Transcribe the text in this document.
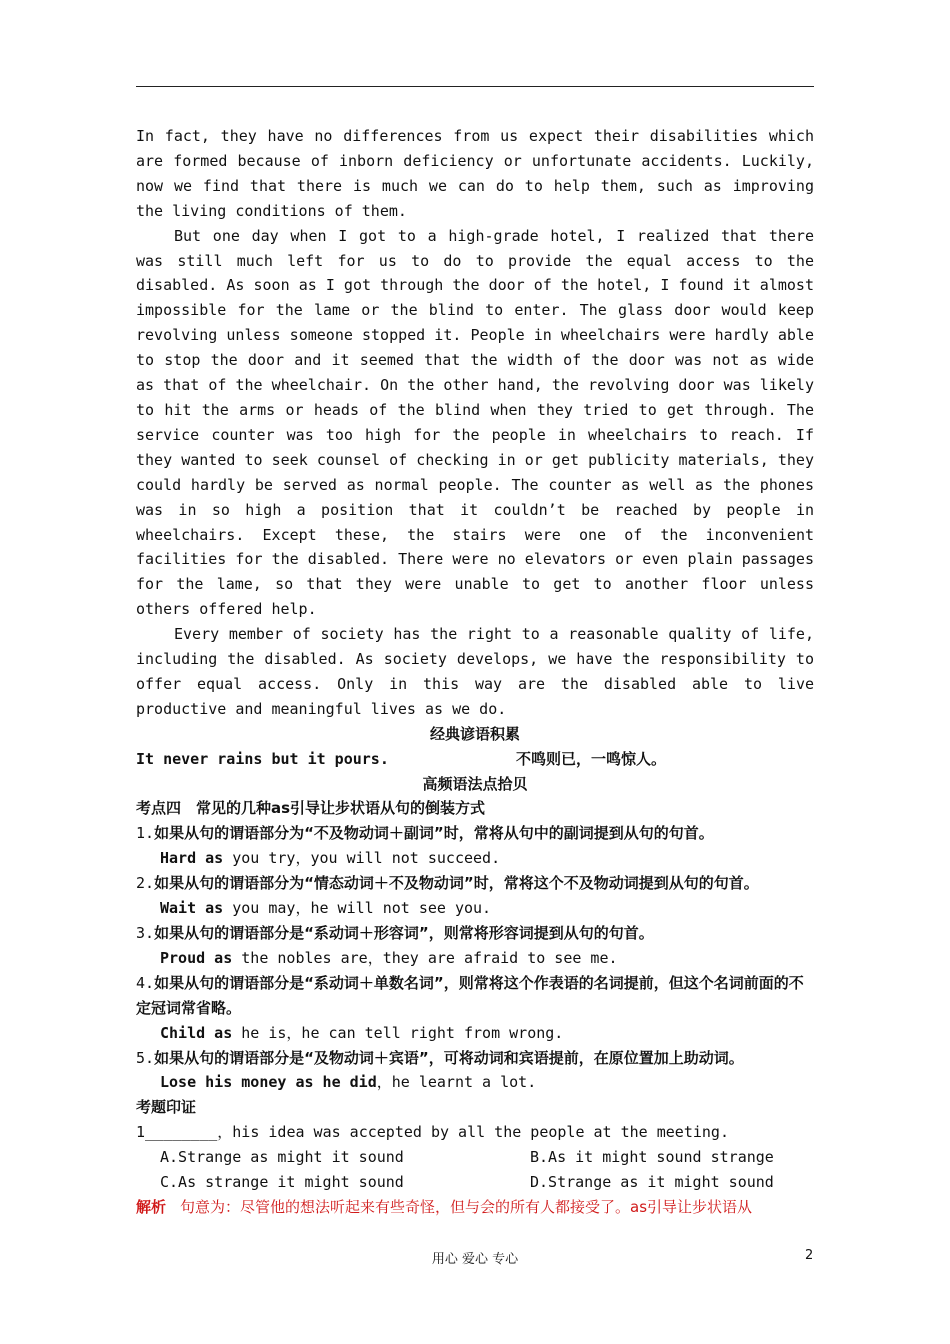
In fact, they have no differences from us expect their disabilities which are formed because of inborn deficiency or unfortunate accidents. Luckily, now we find that there is much we can do to help them, such as improving the living conditions of them.

But one day when I got to a high-grade hotel, I realized that there was still much left for us to do to provide the equal access to the disabled. As soon as I got through the door of the hotel, I found it almost impossible for the lame or the blind to enter. The glass door would keep revolving unless someone stopped it. People in wheelchairs were hardly able to stop the door and it seemed that the width of the door was not as wide as that of the wheelchair. On the other hand, the revolving door was likely to hit the arms or heads of the blind when they tried to get through. The service counter was too high for the people in wheelchairs to reach. If they wanted to seek counsel of checking in or get publicity materials, they could hardly be served as normal people. The counter as well as the phones was in so high a position that it couldn’t be reached by people in wheelchairs. Except these, the stairs were one of the inconvenient facilities for the disabled. There were no elevators or even plain passages for the lame, so that they were unable to get to another floor unless others offered help.

Every member of society has the right to a reasonable quality of life, including the disabled. As society develops, we have the responsibility to offer equal access. Only in this way are the disabled able to live productive and meaningful lives as we do.

经典谚语积累
It never rains but it pours.	不鸣则已，一鸣惊人。
高频语法点拾贝
考点四　常见的几种as引导让步状语从句的倒装方式
1.如果从句的谓语部分为“不及物动词＋副词”时，常将从句中的副词提到从句的句首。
Hard as you try，you will not succeed.
2.如果从句的谓语部分为“情态动词＋不及物动词”时，常将这个不及物动词提到从句的句首。
Wait as you may，he will not see you.
3.如果从句的谓语部分是“系动词＋形容词”，则常将形容词提到从句的句首。
Proud as the nobles are，they are afraid to see me.
4.如果从句的谓语部分是“系动词＋单数名词”，则常将这个作表语的名词提前，但这个名词前面的不定冠词常省略。
Child as he is，he can tell right from wrong.
5.如果从句的谓语部分是“及物动词＋宾语”，可将动词和宾语提前，在原位置加上助动词。
Lose his money as he did，he learnt a lot.
考题印证
1________，his idea was accepted by all the people at the meeting.
A.Strange as might it sound	B.As it might sound strange
C.As strange it might sound	D.Strange as it might sound
解析 句意为：尽管他的想法听起来有些奇怪，但与会的所有人都接受了。as引导让步状语从
用心 爱心 专心	2
